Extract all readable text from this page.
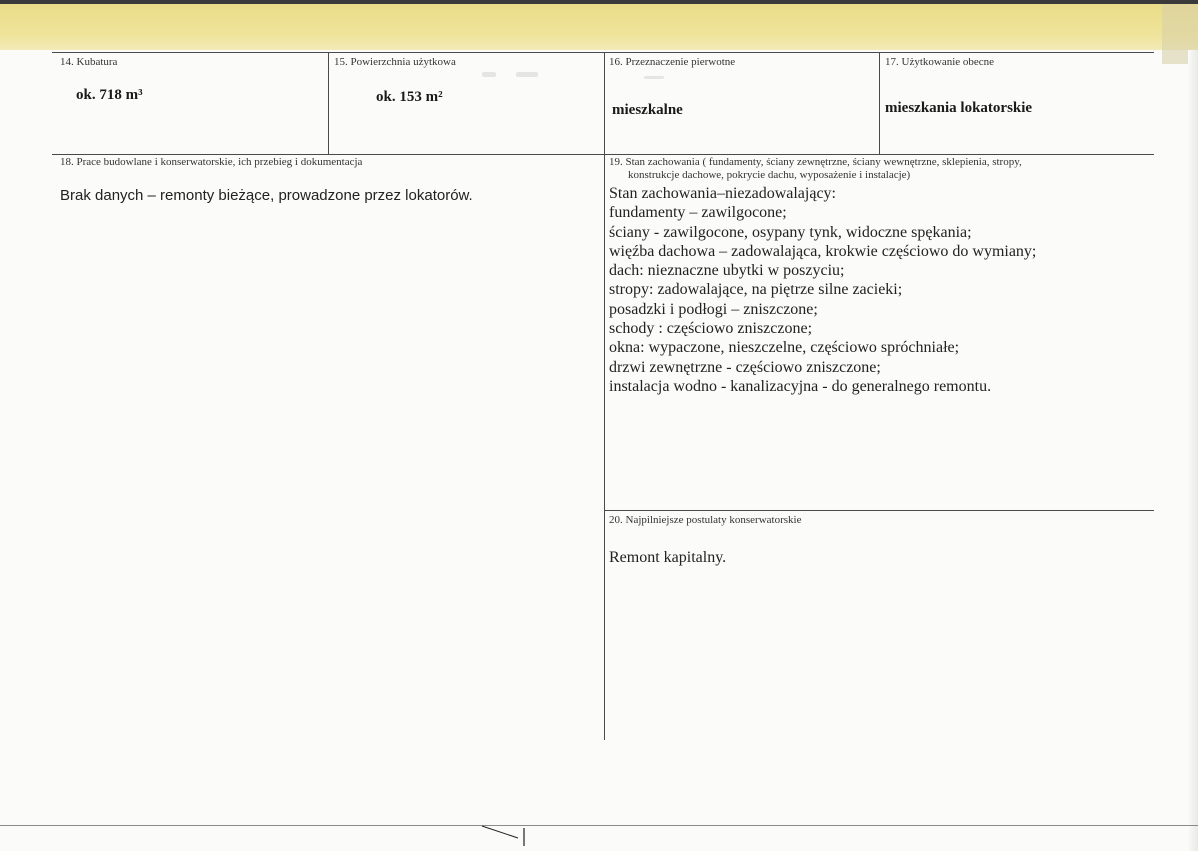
14. Kubatura
ok. 718 m³
15. Powierzchnia użytkowa
ok. 153 m²
16. Przeznaczenie pierwotne
mieszkalne
17. Użytkowanie obecne
mieszkania lokatorskie
18. Prace budowlane i konserwatorskie, ich przebieg i dokumentacja
Brak danych – remonty bieżące, prowadzone przez lokatorów.
19. Stan zachowania ( fundamenty, ściany zewnętrzne, ściany wewnętrzne, sklepienia, stropy,
konstrukcje dachowe, pokrycie dachu, wyposażenie i instalacje)
Stan zachowania–niezadowalający:
fundamenty – zawilgocone;
ściany - zawilgocone, osypany tynk, widoczne spękania;
więźba dachowa – zadowalająca, krokwie częściowo do wymiany;
dach: nieznaczne ubytki w poszyciu;
stropy: zadowalające, na piętrze silne zacieki;
posadzki i podłogi – zniszczone;
schody : częściowo zniszczone;
okna: wypaczone, nieszczelne, częściowo spróchniałe;
drzwi zewnętrzne - częściowo zniszczone;
instalacja wodno - kanalizacyjna - do generalnego remontu.
20. Najpilniejsze postulaty konserwatorskie
Remont kapitalny.
